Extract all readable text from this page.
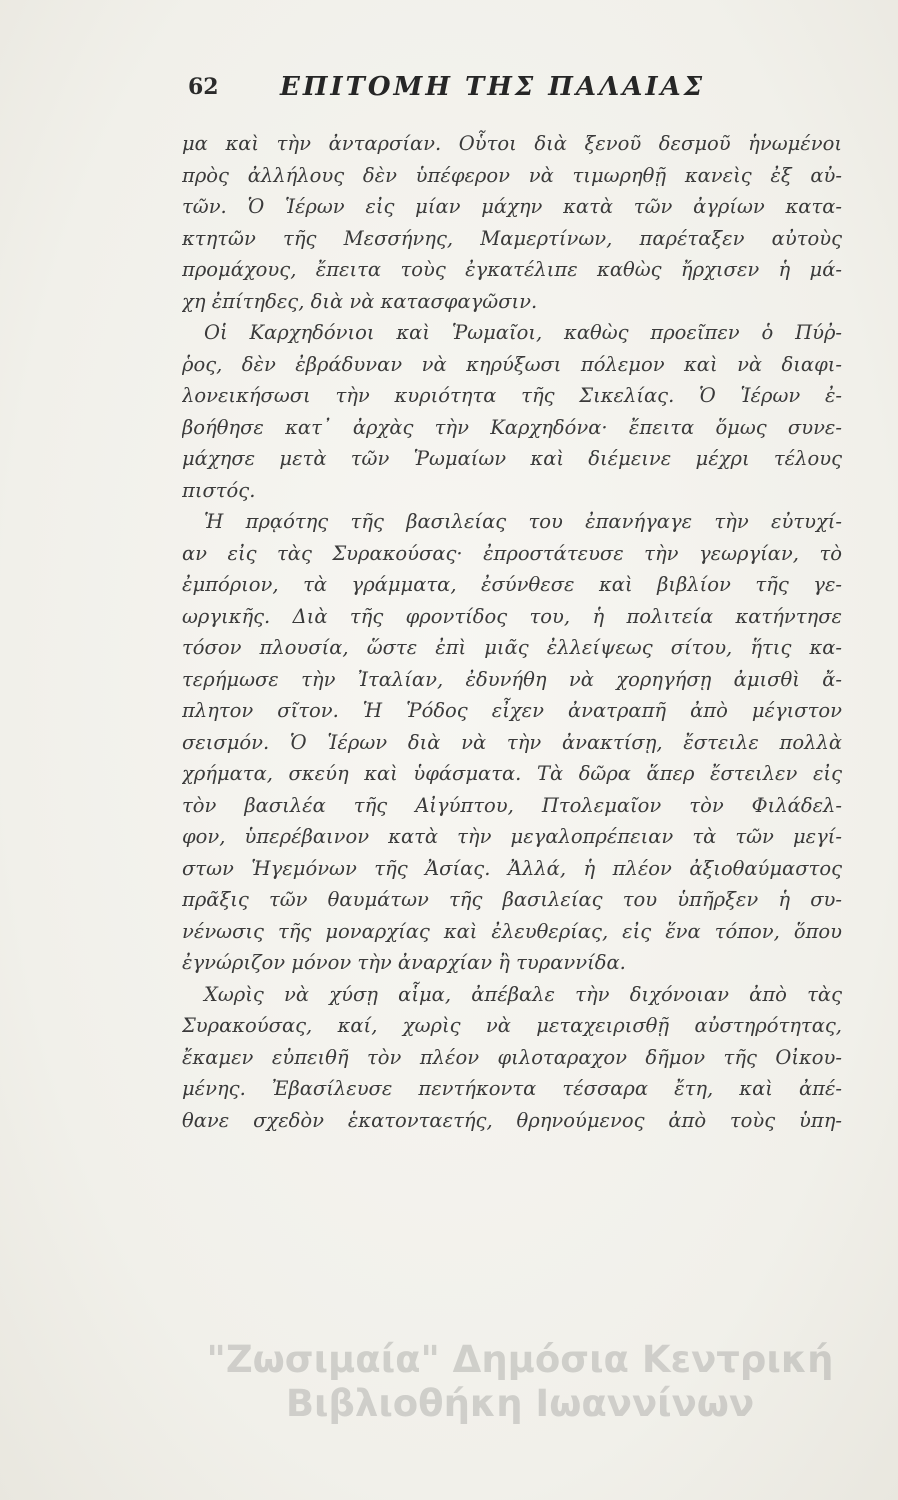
62 ΕΠΙΤΟΜΗ ΤΗΣ ΠΑΛΑΙΑΣ
μα καὶ τὴν ἀνταρσίαν. Οὗτοι διὰ ξενοῦ δεσμοῦ ἡνωμένοι
πρὸς ἀλλήλους δὲν ὑπέφερον νὰ τιμωρηθῇ κανεὶς ἐξ αὐ-
τῶν. Ὁ Ἱέρων εἰς μίαν μάχην κατὰ τῶν ἀγρίων κατα-
κτητῶν τῆς Μεσσήνης, Μαμερτίνων, παρέταξεν αὐτοὺς
προμάχους, ἔπειτα τοὺς ἐγκατέλιπε καθὼς ἤρχισεν ἡ μά-
χη ἐπίτηδες, διὰ νὰ κατασφαγῶσιν.
Οἱ Καρχηδόνιοι καὶ Ῥωμαῖοι, καθὼς προεῖπεν ὁ Πύῤ-
ῥος, δὲν ἐβράδυναν νὰ κηρύξωσι πόλεμον καὶ νὰ διαφι-
λονεικήσωσι τὴν κυριότητα τῆς Σικελίας. Ὁ Ἱέρων ἐ-
βοήθησε κατ᾽ ἀρχὰς τὴν Καρχηδόνα· ἔπειτα ὅμως συνε-
μάχησε μετὰ τῶν Ῥωμαίων καὶ διέμεινε μέχρι τέλους
πιστός.
Ἡ πρᾳότης τῆς βασιλείας του ἐπανήγαγε τὴν εὐτυχί-
αν εἰς τὰς Συρακούσας· ἐπροστάτευσε τὴν γεωργίαν, τὸ
ἐμπόριον, τὰ γράμματα, ἐσύνθεσε καὶ βιβλίον τῆς γε-
ωργικῆς. Διὰ τῆς φροντίδος του, ἡ πολιτεία κατήντησε
τόσον πλουσία, ὥστε ἐπὶ μιᾶς ἐλλείψεως σίτου, ἥτις κα-
τερήμωσε τὴν Ἰταλίαν, ἐδυνήθη νὰ χορηγήσῃ ἀμισθὶ ἄ-
πλητον σῖτον. Ἡ Ῥόδος εἶχεν ἀνατραπῆ ἀπὸ μέγιστον
σεισμόν. Ὁ Ἱέρων διὰ νὰ τὴν ἀνακτίσῃ, ἔστειλε πολλὰ
χρήματα, σκεύη καὶ ὑφάσματα. Τὰ δῶρα ἅπερ ἔστειλεν εἰς
τὸν βασιλέα τῆς Αἰγύπτου, Πτολεμαῖον τὸν Φιλάδελ-
φον, ὑπερέβαινον κατὰ τὴν μεγαλοπρέπειαν τὰ τῶν μεγί-
στων Ἡγεμόνων τῆς Ἀσίας. Ἀλλά, ἡ πλέον ἀξιοθαύμαστος
πρᾶξις τῶν θαυμάτων τῆς βασιλείας του ὑπῆρξεν ἡ συ-
νένωσις τῆς μοναρχίας καὶ ἐλευθερίας, εἰς ἕνα τόπον, ὅπου
ἐγνώριζον μόνον τὴν ἀναρχίαν ἢ τυραννίδα.
Χωρὶς νὰ χύσῃ αἷμα, ἀπέβαλε τὴν διχόνοιαν ἀπὸ τὰς
Συρακούσας, καί, χωρὶς νὰ μεταχειρισθῇ αὐστηρότητας,
ἔκαμεν εὐπειθῆ τὸν πλέον φιλοταραχον δῆμον τῆς Οἰκου-
μένης. Ἐβασίλευσε πεντήκοντα τέσσαρα ἔτη, καὶ ἀπέ-
θανε σχεδὸν ἑκατονταετής, θρηνούμενος ἀπὸ τοὺς ὑπη-
"Ζωσιμαία" Δημόσια Κεντρική
Βιβλιοθήκη Ιωαννίνων
